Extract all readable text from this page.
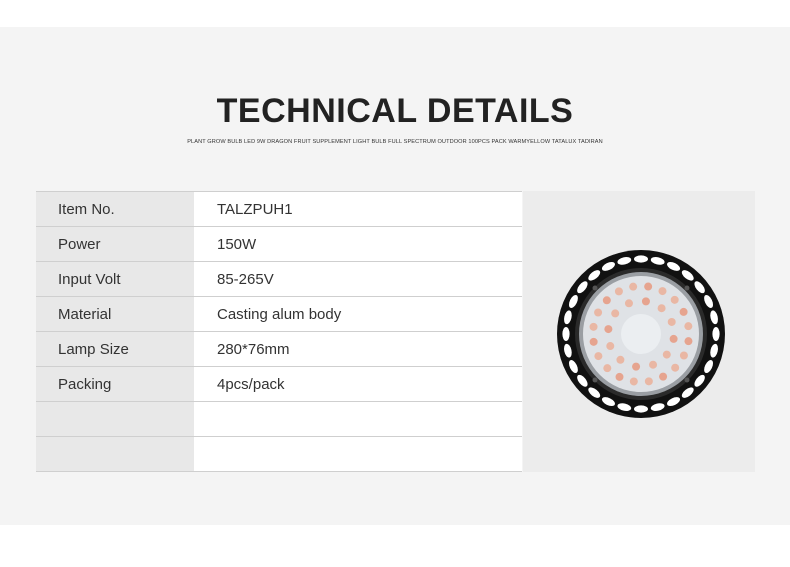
TECHNICAL DETAILS
PLANT GROW BULB LED 9W DRAGON FRUIT SUPPLEMENT LIGHT BULB FULL SPECTRUM OUTDOOR 100PCS PACK WARMYELLOW TATALUX TADIRAN
Item No.	TALZPUH1
Power	150W
Input Volt	85-265V
Material	Casting alum body
Lamp Size	280*76mm
Packing	4pcs/pack
